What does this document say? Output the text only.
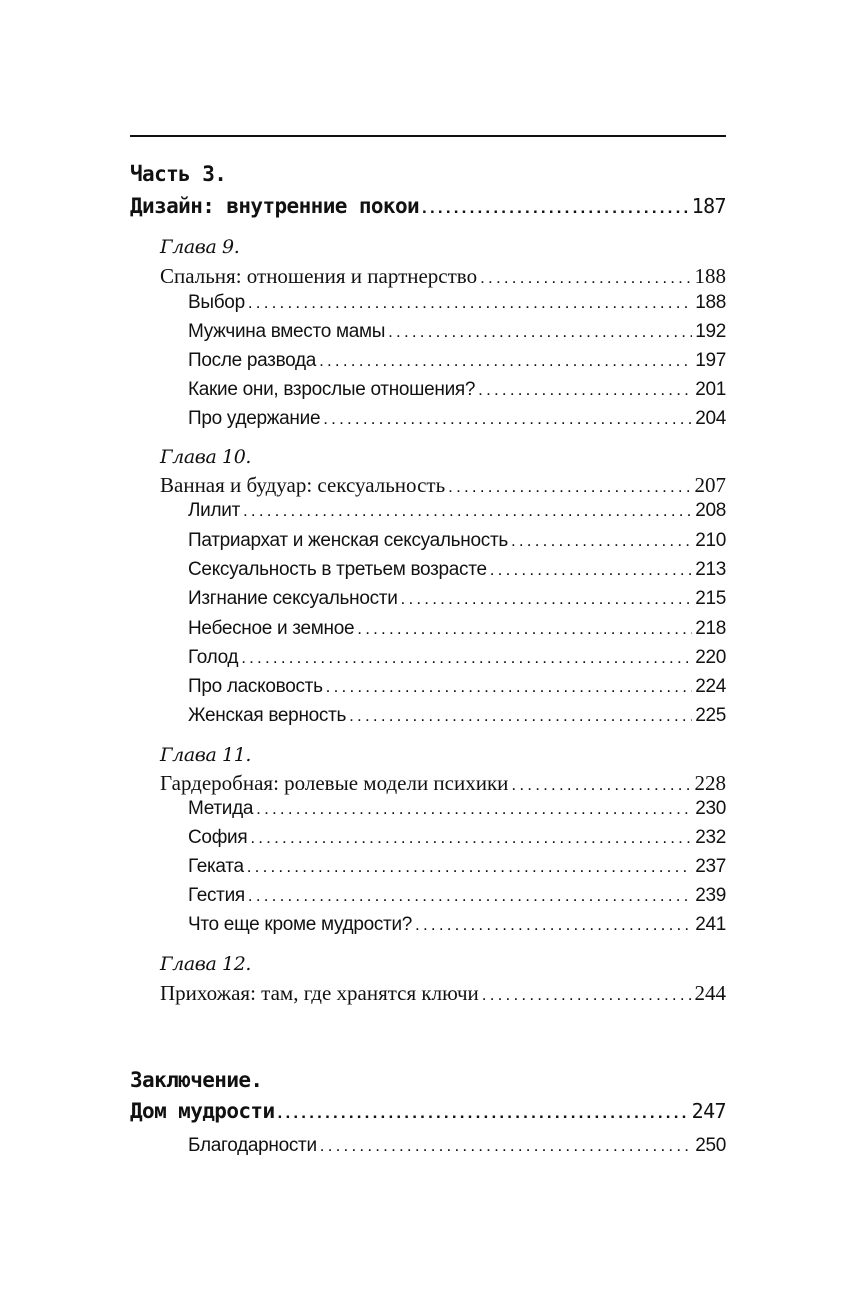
Часть 3.
Дизайн: внутренние покои .....	187
Глава 9.
Спальня: отношения и партнерство .....	188
Выбор .....	188
Мужчина вместо мамы .....	192
После развода .....	197
Какие они, взрослые отношения? .....	201
Про удержание .....	204
Глава 10.
Ванная и будуар: сексуальность .....	207
Лилит .....	208
Патриархат и женская сексуальность .....	210
Сексуальность в третьем возрасте .....	213
Изгнание сексуальности .....	215
Небесное и земное .....	218
Голод .....	220
Про ласковость .....	224
Женская верность .....	225
Глава 11.
Гардеробная: ролевые модели психики .....	228
Метида .....	230
София .....	232
Геката .....	237
Гестия .....	239
Что еще кроме мудрости? .....	241
Глава 12.
Прихожая: там, где хранятся ключи .....	244
Заключение.
Дом мудрости .....	247
Благодарности .....	250
